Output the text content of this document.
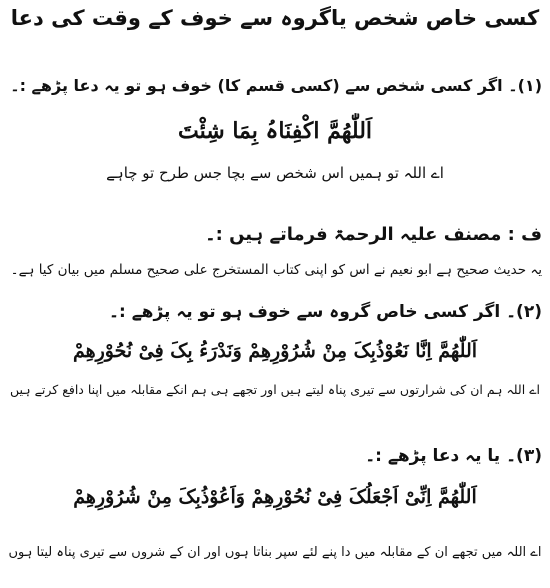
کسی خاص شخص یاگروہ سے خوف کے وقت کی دعا
(۱)۔ اگر کسی شخص سے (کسی قسم کا) خوف ہو تو یہ دعا پڑھے :۔
اَللّٰھُمَّ اکْفِنَاہُ بِمَا شِئْتَ
اے اللہ تو ہمیں اس شخص سے بچا جس طرح تو چاہے
ف : مصنف علیہ الرحمۃ فرماتے ہیں :۔
یہ حدیث صحیح ہے ابو نعیم نے اس کو اپنی کتاب المستخرج علی صحیح مسلم میں بیان کیا ہے۔
(۲)۔ اگر کسی خاص گروہ سے خوف ہو تو یہ پڑھے :۔
اَللّٰھُمَّ اِنَّا نَعُوْذُبِکَ مِنْ شُرُوْرِھِمْ وَنَدْرَءُ بِکَ فِیْ نُحُوْرِھِمْ
اے اللہ ہم ان کی شرارتوں سے تیری پناہ لیتے ہیں اور تجھے ہی ہم انکے مقابلہ میں اپنا دافع کرتے ہیں
(۳)۔ یا یہ دعا پڑھے :۔
اَللّٰھُمَّ اِنِّیْ اَجْعَلُکَ فِیْ نُحُوْرِھِمْ وَاَعُوْذُبِکَ مِنْ شُرُوْرِھِمْ
اے اللہ میں تجھے ان کے مقابلہ میں دا پنے لئے سپر بناتا ہوں اور ان کے شروں سے تیری پناہ لیتا ہوں
